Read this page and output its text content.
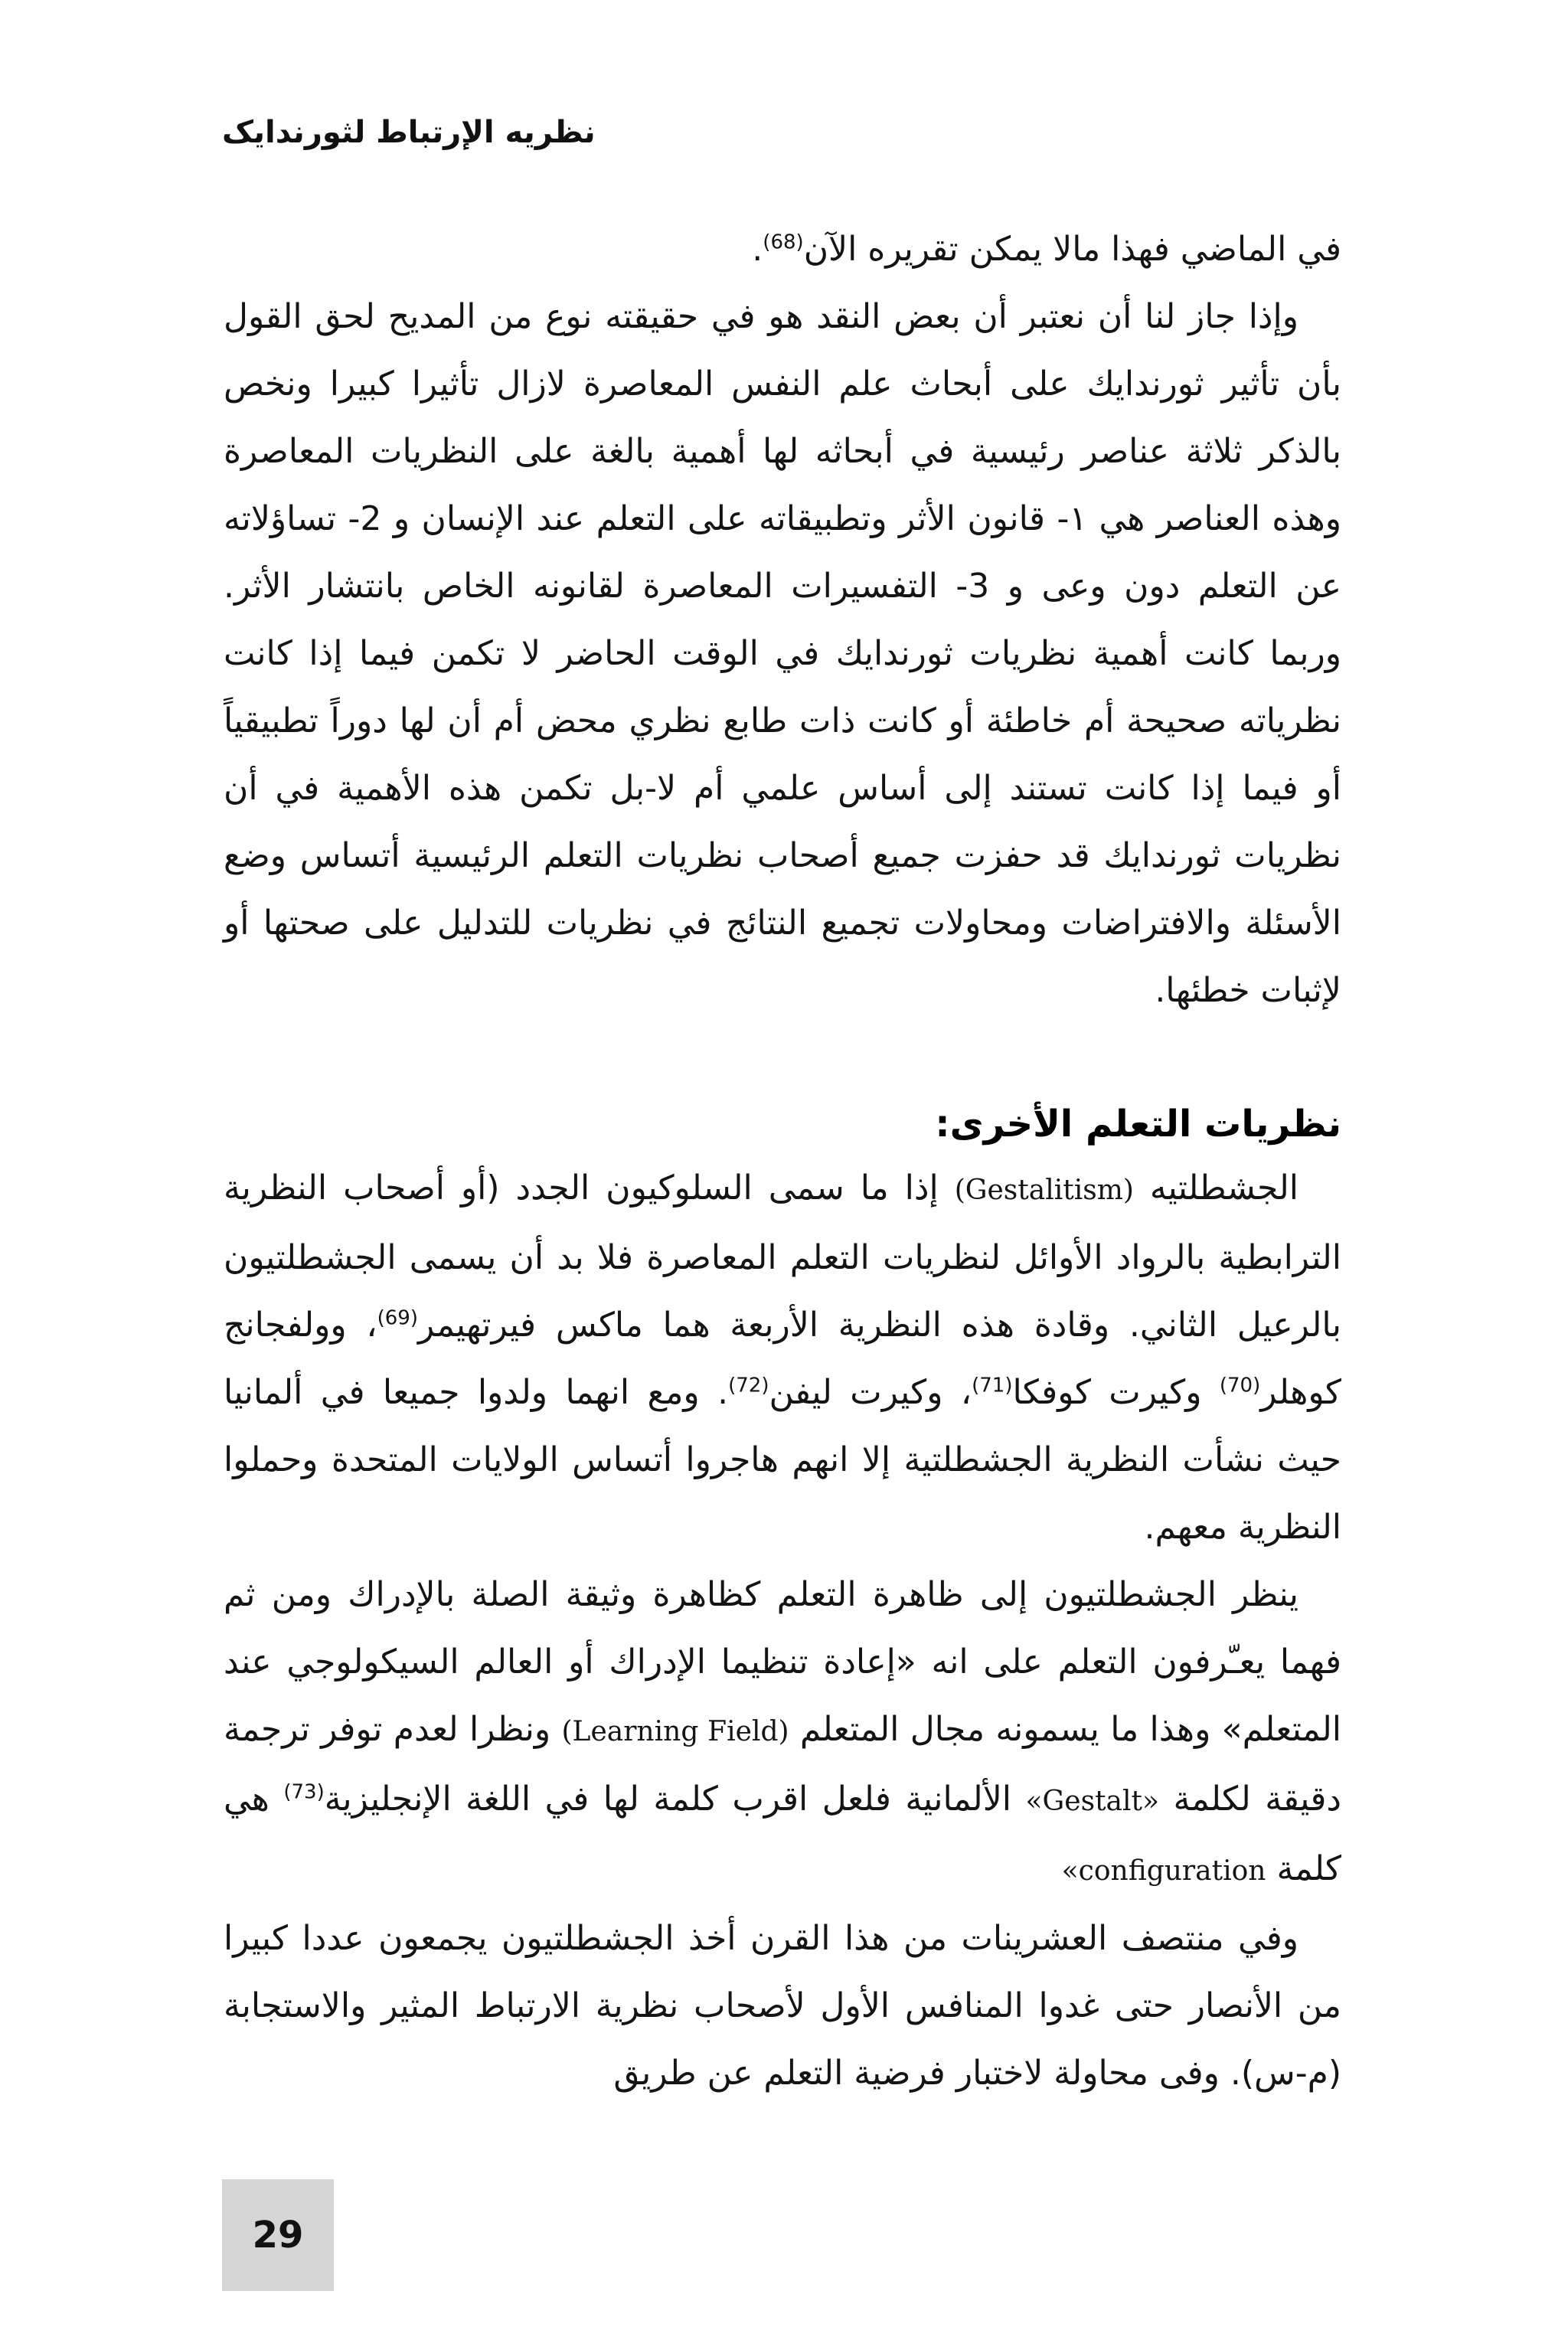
نظريه الإرتباط لثورندايک

في الماضي فهذا مالا يمكن تقريره الآن$^{(68)}$.

وإذا جاز لنا أن نعتبر أن بعض النقد هو في حقيقته نوع من المديح لحق القول بأن تأثير ثورندايك على أبحاث علم النفس المعاصرة لازال تأثيرا كبيرا ونخص بالذكر ثلاثة عناصر رئيسية في أبحاثه لها أهمية بالغة على النظريات المعاصرة وهذه العناصر هي ١- قانون الأثر وتطبيقاته على التعلم عند الإنسان و 2- تساؤلاته عن التعلم دون وعى و 3- التفسيرات المعاصرة لقانونه الخاص بانتشار الأثر. وربما كانت أهمية نظريات ثورندايك في الوقت الحاضر لا تكمن فيما إذا كانت نظرياته صحيحة أم خاطئة أو كانت ذات طابع نظري محض أم أن لها دوراً تطبيقياً أو فيما إذا كانت تستند إلى أساس علمي أم لا-بل تكمن هذه الأهمية في أن نظريات ثورندايك قد حفزت جميع أصحاب نظريات التعلم الرئيسية أتساس وضع الأسئلة والافتراضات ومحاولات تجميع النتائج في نظريات للتدليل على صحتها أو لإثبات خطئها.

نظريات التعلم الأخرى:

الجشطلتيه (Gestalitism) إذا ما سمى السلوكيون الجدد (أو أصحاب النظرية الترابطية بالرواد الأوائل لنظريات التعلم المعاصرة فلا بد أن يسمى الجشطلتيون بالرعيل الثاني. وقادة هذه النظرية الأربعة هما ماكس فيرتهيمر$^{(69)}$، وولفجانج كوهلر$^{(70)}$ وكيرت كوفكا$^{(71)}$، وكيرت ليفن$^{(72)}$. ومع انهما ولدوا جميعا في ألمانيا حيث نشأت النظرية الجشطلتية إلا انهم هاجروا أتساس الولايات المتحدة وحملوا النظرية معهم.

ينظر الجشطلتيون إلى ظاهرة التعلم كظاهرة وثيقة الصلة بالإدراك ومن ثم فهما يعـّرفون التعلم على انه «إعادة تنظيما الإدراك أو العالم السيكولوجي عند المتعلم» وهذا ما يسمونه مجال المتعلم (Learning Field) ونظرا لعدم توفر ترجمة دقيقة لكلمة «Gestalt» الألمانية فلعل اقرب كلمة لها في اللغة الإنجليزية$^{(73)}$ هي كلمة «configuration

وفي منتصف العشرينات من هذا القرن أخذ الجشطلتيون يجمعون عددا كبيرا من الأنصار حتى غدوا المنافس الأول لأصحاب نظرية الارتباط المثير والاستجابة (م-س). وفى محاولة لاختبار فرضية التعلم عن طريق

29
